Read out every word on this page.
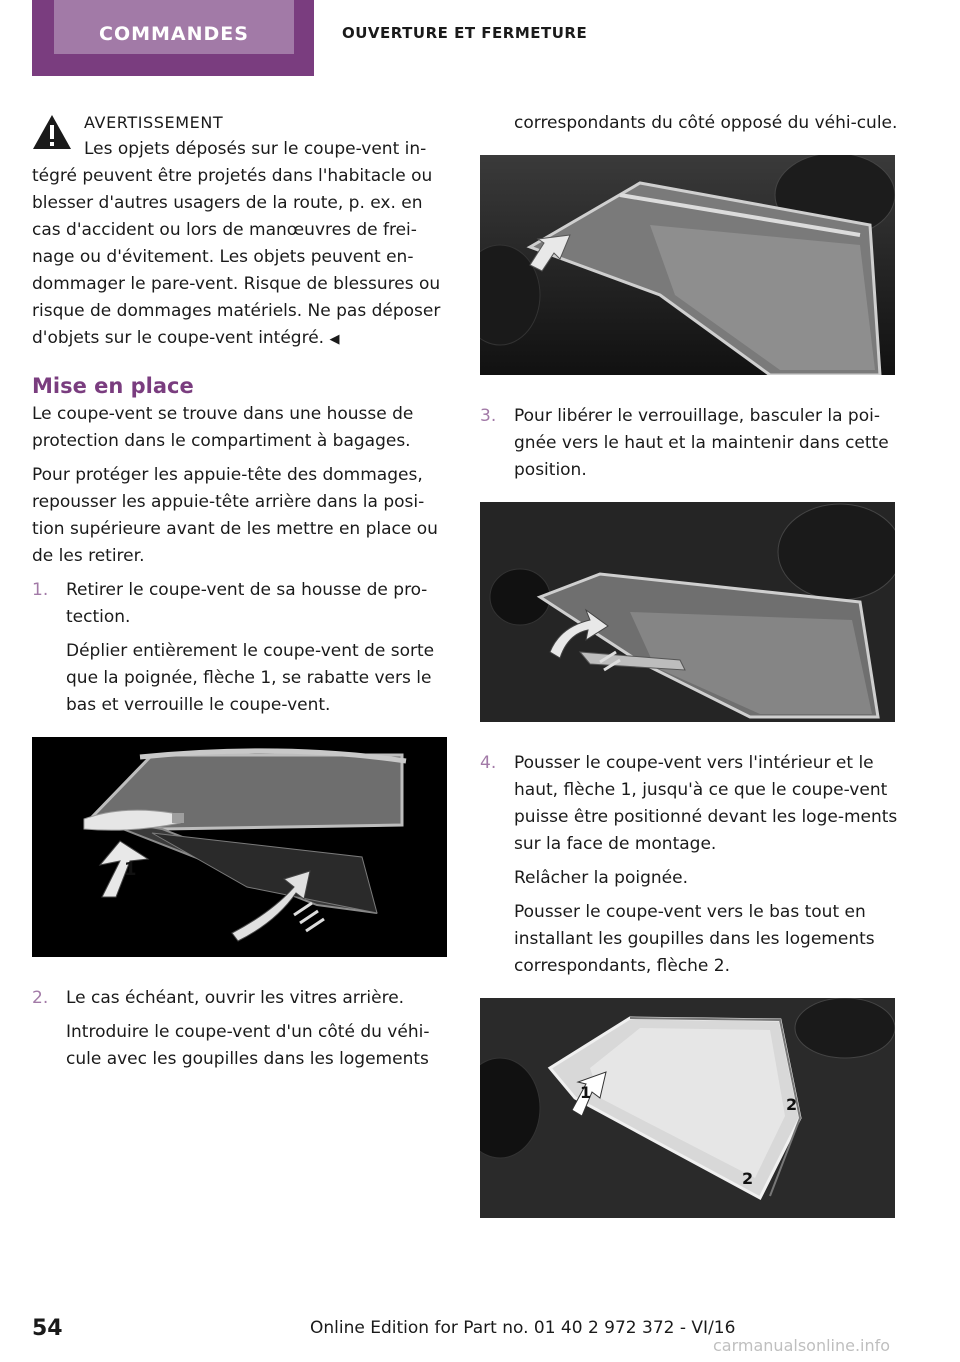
COMMANDES	OUVERTURE ET FERMETURE
AVERTISSEMENT
Les opjets déposés sur le coupe-vent in‐
tégré peuvent être projetés dans l'habitacle ou blesser d'autres usagers de la route, p. ex. en cas d'accident ou lors de manœuvres de frei‐nage ou d'évitement. Les objets peuvent en‐dommager le pare-vent. Risque de blessures ou risque de dommages matériels. Ne pas déposer d'objets sur le coupe-vent intégré. ◀
Mise en place

Le coupe-vent se trouve dans une housse de protection dans le compartiment à bagages.

Pour protéger les appuie-tête des dommages, repousser les appuie-tête arrière dans la posi‐tion supérieure avant de les mettre en place ou de les retirer.

1. Retirer le coupe-vent de sa housse de pro‐tection.

Déplier entièrement le coupe-vent de sorte que la poignée, flèche 1, se rabatte vers le bas et verrouille le coupe-vent.

1
2. Le cas échéant, ouvrir les vitres arrière.

Introduire le coupe-vent d'un côté du véhi‐cule avec les goupilles dans les logements

correspondants du côté opposé du véhi‐cule.

3. Pour libérer le verrouillage, basculer la poi‐gnée vers le haut et la maintenir dans cette position.

4. Pousser le coupe-vent vers l'intérieur et le haut, flèche 1, jusqu'à ce que le coupe-vent puisse être positionné devant les loge‐ments sur la face de montage.

Relâcher la poignée.

Pousser le coupe-vent vers le bas tout en installant les goupilles dans les logements correspondants, flèche 2.

1
2
2
54	Online Edition for Part no. 01 40 2 972 372 - VI/16
carmanualsonline.info
